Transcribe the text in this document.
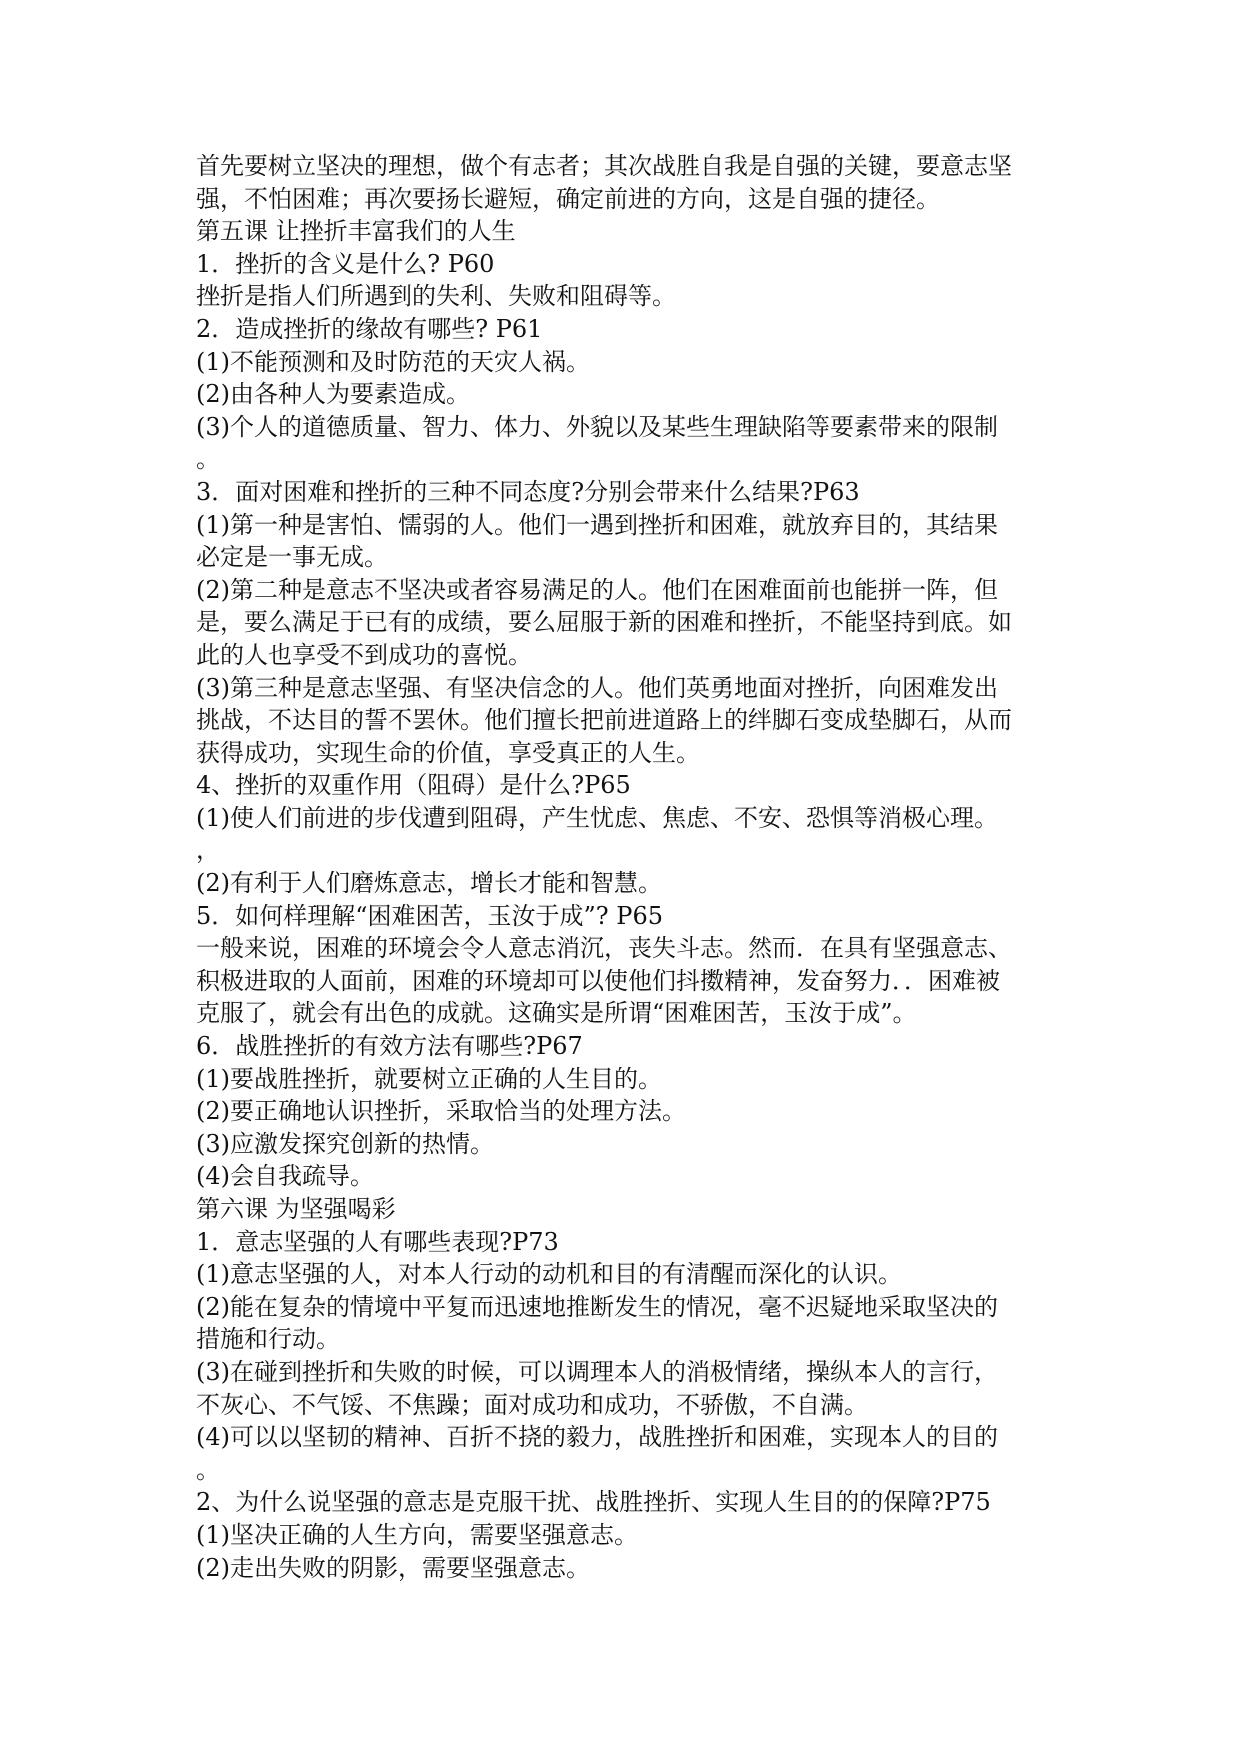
首先要树立坚决的理想，做个有志者；其次战胜自我是自强的关键，要意志坚
强，不怕困难；再次要扬长避短，确定前进的方向，这是自强的捷径。
第五课 让挫折丰富我们的人生
1．挫折的含义是什么? P60
挫折是指人们所遇到的失利、失败和阻碍等。
2．造成挫折的缘故有哪些? P61
(1)不能预测和及时防范的天灾人祸。
(2)由各种人为要素造成。
(3)个人的道德质量、智力、体力、外貌以及某些生理缺陷等要素带来的限制
。
3．面对困难和挫折的三种不同态度?分别会带来什么结果?P63
(1)第一种是害怕、懦弱的人。他们一遇到挫折和困难，就放弃目的，其结果
必定是一事无成。
(2)第二种是意志不坚决或者容易满足的人。他们在困难面前也能拼一阵，但
是，要么满足于已有的成绩，要么屈服于新的困难和挫折，不能坚持到底。如
此的人也享受不到成功的喜悦。
(3)第三种是意志坚强、有坚决信念的人。他们英勇地面对挫折，向困难发出
挑战，不达目的誓不罢休。他们擅长把前进道路上的绊脚石变成垫脚石，从而
获得成功，实现生命的价值，享受真正的人生。
4、挫折的双重作用（阻碍）是什么?P65
(1)使人们前进的步伐遭到阻碍，产生忧虑、焦虑、不安、恐惧等消极心理。
，
(2)有利于人们磨炼意志，增长才能和智慧。
5．如何样理解“困难困苦，玉汝于成”? P65
一般来说，困难的环境会令人意志消沉，丧失斗志。然而．在具有坚强意志、
积极进取的人面前，困难的环境却可以使他们抖擞精神，发奋努力．．困难被
克服了，就会有出色的成就。这确实是所谓“困难困苦，玉汝于成”。
6．战胜挫折的有效方法有哪些?P67
(1)要战胜挫折，就要树立正确的人生目的。
(2)要正确地认识挫折，采取恰当的处理方法。
(3)应激发探究创新的热情。
(4)会自我疏导。
第六课 为坚强喝彩
1．意志坚强的人有哪些表现?P73
(1)意志坚强的人，对本人行动的动机和目的有清醒而深化的认识。
(2)能在复杂的情境中平复而迅速地推断发生的情况，毫不迟疑地采取坚决的
措施和行动。
(3)在碰到挫折和失败的时候，可以调理本人的消极情绪，操纵本人的言行，
不灰心、不气馁、不焦躁；面对成功和成功，不骄傲，不自满。
(4)可以以坚韧的精神、百折不挠的毅力，战胜挫折和困难，实现本人的目的
。
2、为什么说坚强的意志是克服干扰、战胜挫折、实现人生目的的保障?P75
(1)坚决正确的人生方向，需要坚强意志。
(2)走出失败的阴影，需要坚强意志。
